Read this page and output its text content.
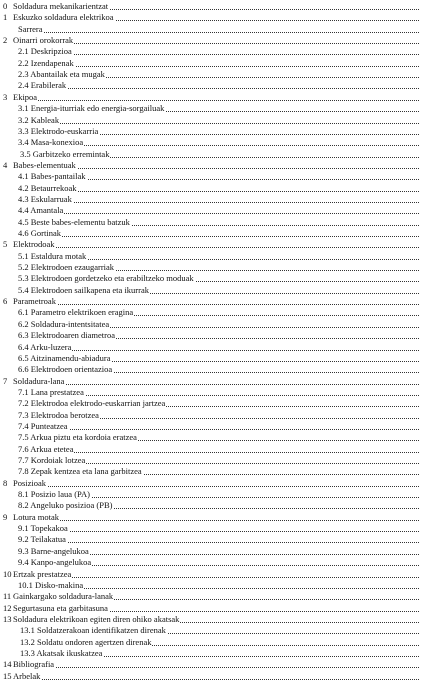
0 Soldadura mekanikarientzat
1 Eskuzko soldadura elektrikoa
Sarrera
2 Oinarri orokorrak
2.1 Deskripzioa
2.2 Izendapenak
2.3 Abantailak eta mugak
2.4 Erabilerak
3 Ekipoa
3.1 Energia-iturriak edo energia-sorgailuak
3.2 Kableak
3.3 Elektrodo-euskarria
3.4 Masa-konexioa
3.5 Garbitzeko erremintak
4 Babes-elementuak
4.1 Babes-pantailak
4.2 Betaurrekoak
4.3 Eskularruak
4.4 Amantala
4.5 Beste babes-elementu batzuk
4.6 Gortinak
5 Elektrodoak
5.1 Estaldura motak
5.2 Elektrodoen ezaugarriak
5.3 Elektrodoen gordetzeko eta erabiltzeko moduak
5.4 Elektrodoen sailkapena eta ikurrak
6 Parametroak
6.1 Parametro elektrikoen eragina
6.2 Soldadura-intentsitatea
6.3 Elektrodoaren diametroa
6.4 Arku-luzera
6.5 Aitzinamendu-abiadura
6.6 Elektrodoen orientazioa
7 Soldadura-lana
7.1 Lana prestatzea
7.2 Elektrodoa elektrodo-euskarrian jartzea
7.3 Elektrodoa berotzea
7.4 Punteatzea
7.5 Arkua piztu eta kordoia eratzea
7.6 Arkua etetea
7.7 Kordoiak lotzea
7.8 Zepak kentzea eta lana garbitzea
8 Posizioak
8.1 Posizio laua (PA)
8.2 Angeluko posizioa (PB)
9 Lotura motak
9.1 Topekakoa
9.2 Teilakatua
9.3 Barne-angelukoa
9.4 Kanpo-angelukoa
10 Ertzak prestatzea
10.1 Disko-makina
11 Gainkargako soldadura-lanak
12 Segurtasuna eta garbitasuna
13 Soldadura elektrikoan egiten diren ohiko akatsak
13.1 Soldatzerakoan identifikatzen direnak
13.2 Soldatu ondoren agertzen direnak
13.3 Akatsak ikuskatzea
14 Bibliografia
15 Arbelak
